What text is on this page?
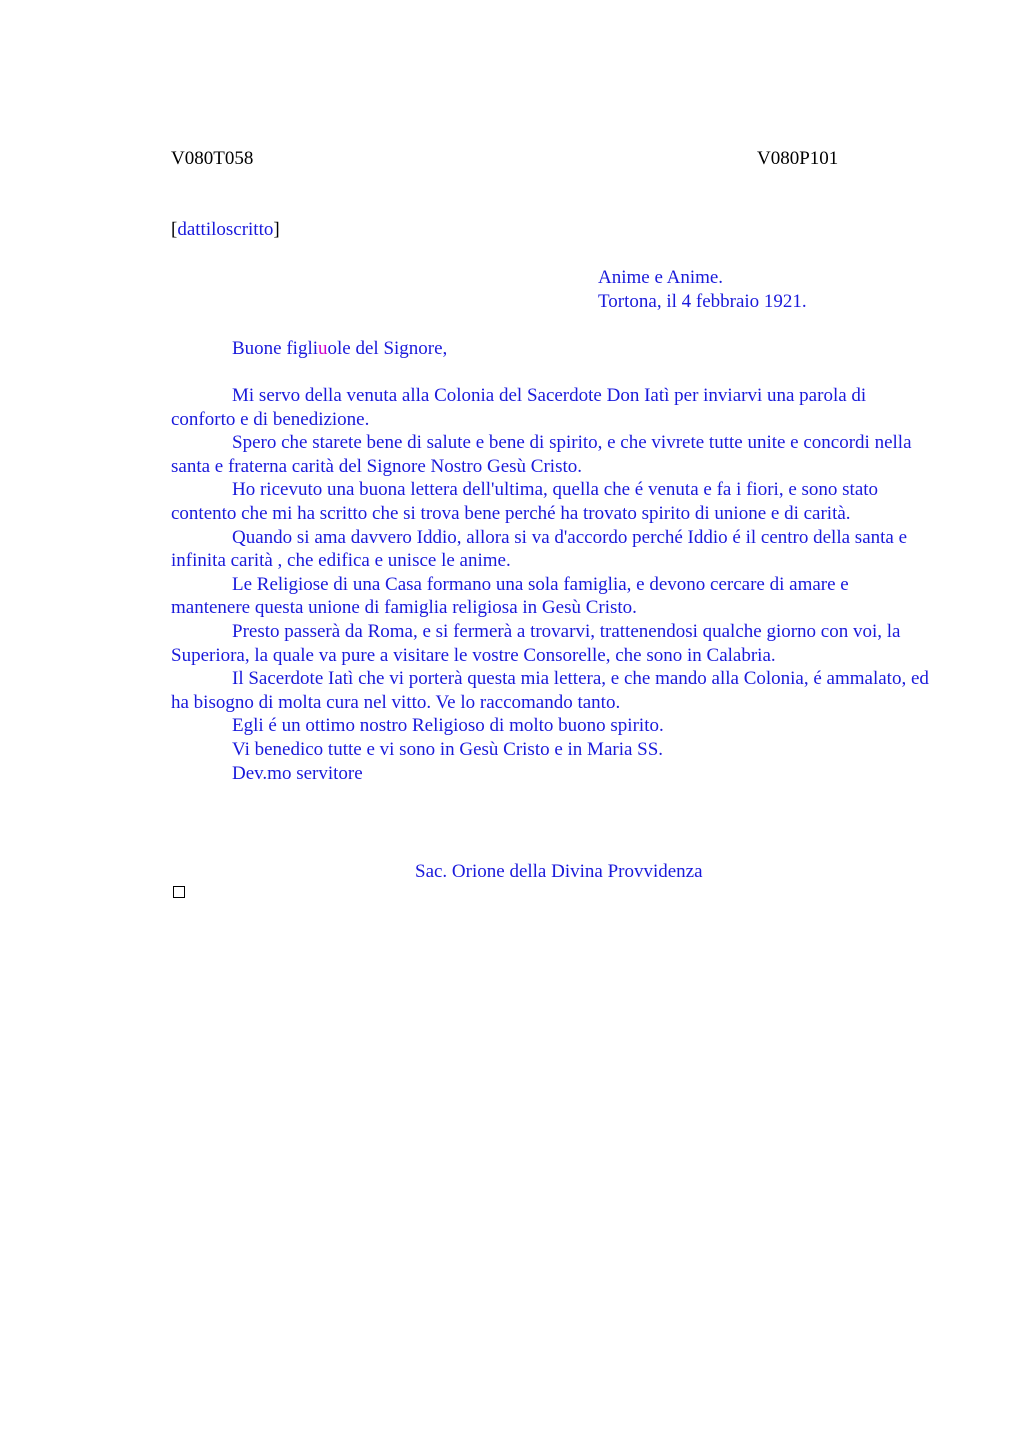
V080T058	V080P101
[dattiloscritto]
Anime e Anime.
Tortona, il 4 febbraio 1921.
Buone figliuole del Signore,

Mi servo della venuta alla Colonia del Sacerdote Don Iatì per inviarvi una parola di conforto e di benedizione.

Spero che starete bene di salute e bene di spirito, e che vivrete tutte unite e concordi nella santa e fraterna carità del Signore Nostro Gesù Cristo.

Ho ricevuto una buona lettera dell'ultima, quella che é venuta e fa i fiori, e sono stato contento che mi ha scritto che si trova bene perché ha trovato spirito di unione e di carità.

Quando si ama davvero Iddio, allora si va d'accordo perché Iddio é il centro della santa e infinita carità , che edifica e unisce le anime.

Le Religiose di una Casa formano una sola famiglia, e devono cercare di amare e mantenere questa unione di famiglia religiosa in Gesù Cristo.

Presto passerà da Roma, e si fermerà a trovarvi, trattenendosi qualche giorno con voi, la Superiora, la quale va pure a visitare le vostre Consorelle, che sono in Calabria.

Il Sacerdote Iatì che vi porterà questa mia lettera, e che mando alla Colonia, é ammalato, ed ha bisogno di molta cura nel vitto. Ve lo raccomando tanto.

Egli é un ottimo nostro Religioso di molto buono spirito.

Vi benedico tutte e vi sono in Gesù Cristo e in Maria SS.

Dev.mo servitore

Sac. Orione della Divina Provvidenza
